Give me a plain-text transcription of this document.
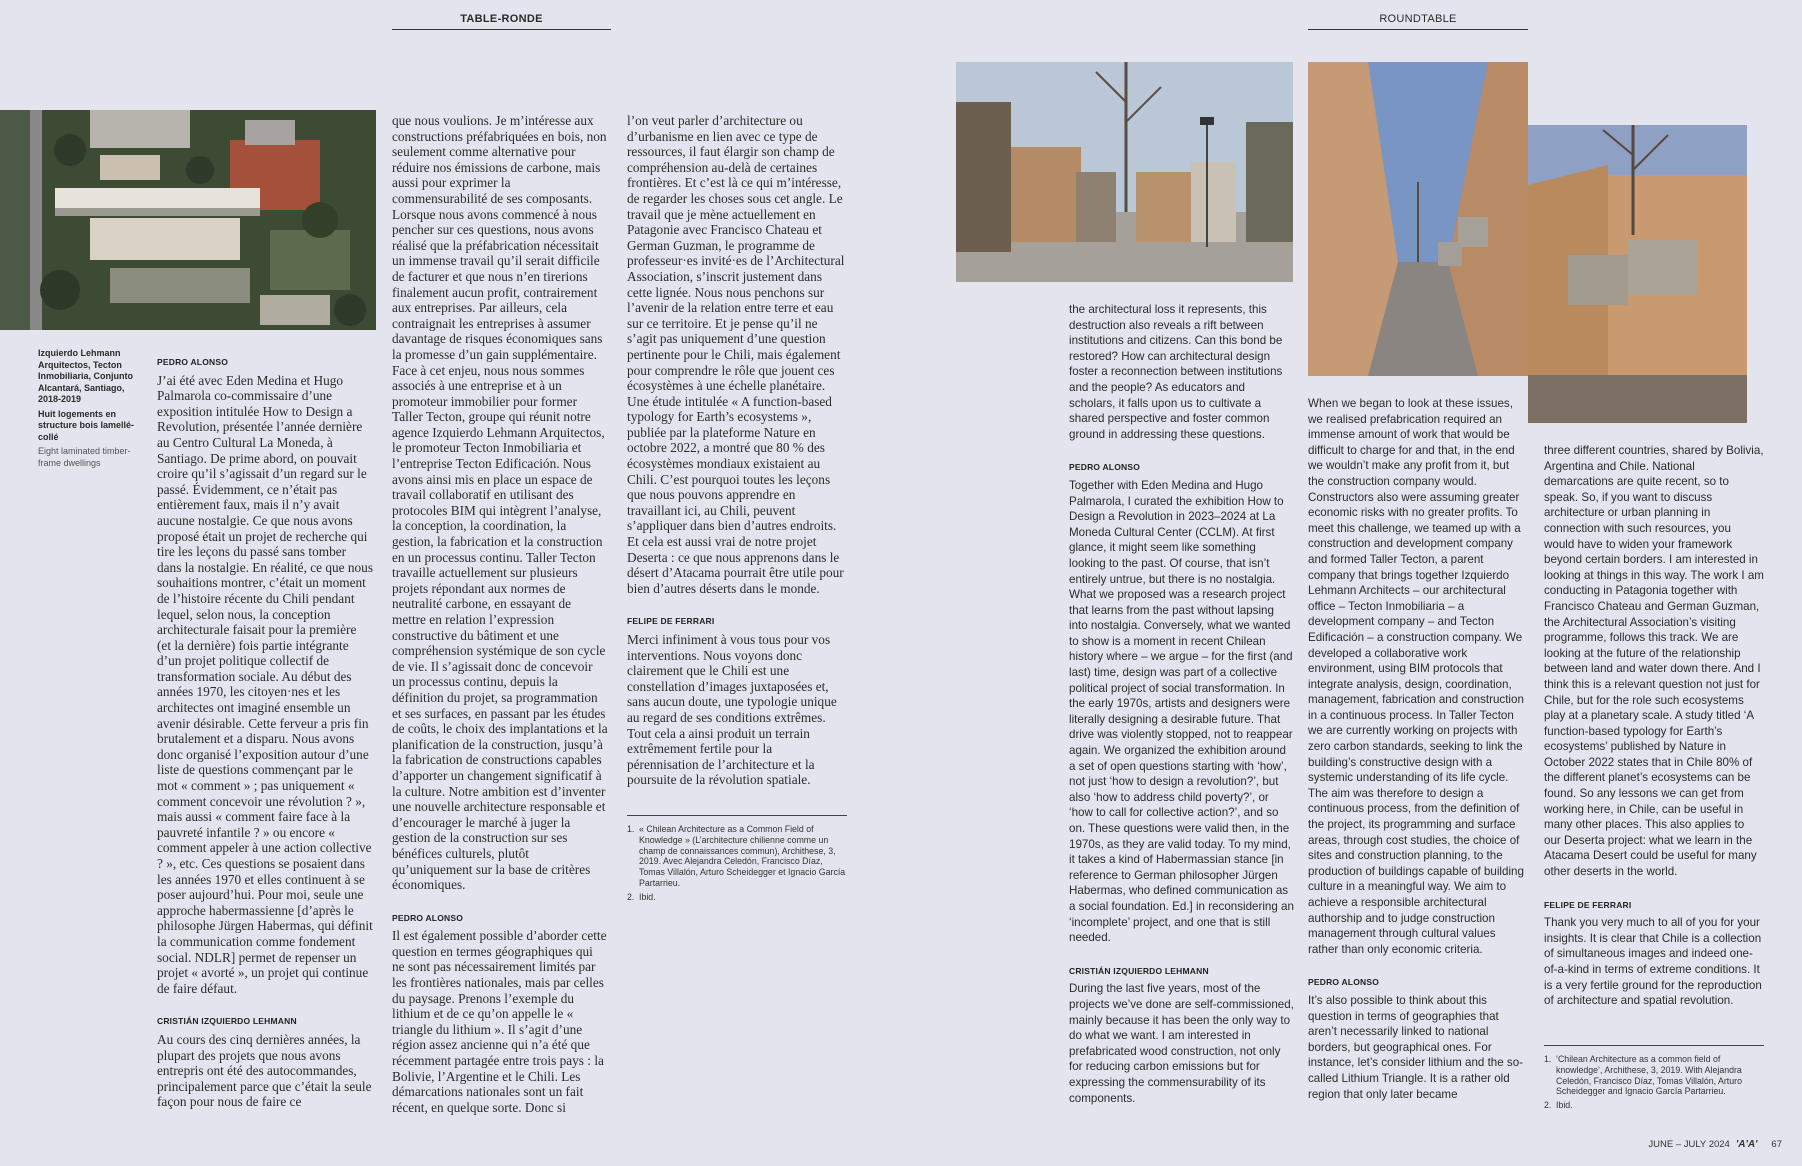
TABLE-RONDE	ROUNDTABLE
Izquierdo Lehmann Arquitectos, Tecton Inmobiliaria, Conjunto Alcantará, Santiago, 2018-2019
Huit logements en structure bois lamellé-collé
Eight laminated timber-frame dwellings
PEDRO ALONSO

J’ai été avec Eden Medina et Hugo Palmarola co-commissaire d’une exposition intitulée How to Design a Revolution, présentée l’année dernière au Centro Cultural La Moneda, à Santiago. De prime abord, on pouvait croire qu’il s’agissait d’un regard sur le passé. Évidemment, ce n’était pas entièrement faux, mais il n’y avait aucune nostalgie. Ce que nous avons proposé était un projet de recherche qui tire les leçons du passé sans tomber dans la nostalgie. En réalité, ce que nous souhaitions montrer, c’était un moment de l’histoire récente du Chili pendant lequel, selon nous, la conception architecturale faisait pour la première (et la dernière) fois partie intégrante d’un projet politique collectif de transformation sociale. Au début des années 1970, les citoyen·nes et les architectes ont imaginé ensemble un avenir désirable. Cette ferveur a pris fin brutalement et a disparu. Nous avons donc organisé l’exposition autour d’une liste de questions commençant par le mot « comment » ; pas uniquement « comment concevoir une révolution ? », mais aussi « comment faire face à la pauvreté infantile ? » ou encore « comment appeler à une action collective ? », etc. Ces questions se posaient dans les années 1970 et elles continuent à se poser aujourd’hui. Pour moi, seule une approche habermassienne [d’après le philosophe Jürgen Habermas, qui définit la communication comme fondement social. NDLR] permet de repenser un projet « avorté », un projet qui continue de faire défaut.

CRISTIÁN IZQUIERDO LEHMANN

Au cours des cinq dernières années, la plupart des projets que nous avons entrepris ont été des autocommandes, principalement parce que c’était la seule façon pour nous de faire ce

que nous voulions. Je m’intéresse aux constructions préfabriquées en bois, non seulement comme alternative pour réduire nos émissions de carbone, mais aussi pour exprimer la commensurabilité de ses composants. Lorsque nous avons commencé à nous pencher sur ces questions, nous avons réalisé que la préfabrication nécessitait un immense travail qu’il serait difficile de facturer et que nous n’en tirerions finalement aucun profit, contrairement aux entreprises. Par ailleurs, cela contraignait les entreprises à assumer davantage de risques économiques sans la promesse d’un gain supplémentaire. Face à cet enjeu, nous nous sommes associés à une entreprise et à un promoteur immobilier pour former Taller Tecton, groupe qui réunit notre agence Izquierdo Lehmann Arquitectos, le promoteur Tecton Inmobiliaria et l’entreprise Tecton Edificación. Nous avons ainsi mis en place un espace de travail collaboratif en utilisant des protocoles BIM qui intègrent l’analyse, la conception, la coordination, la gestion, la fabrication et la construction en un processus continu. Taller Tecton travaille actuellement sur plusieurs projets répondant aux normes de neutralité carbone, en essayant de mettre en relation l’expression constructive du bâtiment et une compréhension systémique de son cycle de vie. Il s’agissait donc de concevoir un processus continu, depuis la définition du projet, sa programmation et ses surfaces, en passant par les études de coûts, le choix des implantations et la planification de la construction, jusqu’à la fabrication de constructions capables d’apporter un changement significatif à la culture. Notre ambition est d’inventer une nouvelle architecture responsable et d’encourager le marché à juger la gestion de la construction sur ses bénéfices culturels, plutôt qu’uniquement sur la base de critères économiques.

PEDRO ALONSO

Il est également possible d’aborder cette question en termes géographiques qui ne sont pas nécessairement limités par les frontières nationales, mais par celles du paysage. Prenons l’exemple du lithium et de ce qu’on appelle le « triangle du lithium ». Il s’agit d’une région assez ancienne qui n’a été que récemment partagée entre trois pays : la Bolivie, l’Argentine et le Chili. Les démarcations nationales sont un fait récent, en quelque sorte. Donc si

l’on veut parler d’architecture ou d’urbanisme en lien avec ce type de ressources, il faut élargir son champ de compréhension au-delà de certaines frontières. Et c’est là ce qui m’intéresse, de regarder les choses sous cet angle. Le travail que je mène actuellement en Patagonie avec Francisco Chateau et German Guzman, le programme de professeur·es invité·es de l’Architectural Association, s’inscrit justement dans cette lignée. Nous nous penchons sur l’avenir de la relation entre terre et eau sur ce territoire. Et je pense qu’il ne s’agit pas uniquement d’une question pertinente pour le Chili, mais également pour comprendre le rôle que jouent ces écosystèmes à une échelle planétaire. Une étude intitulée « A function-based typology for Earth’s ecosystems », publiée par la plateforme Nature en octobre 2022, a montré que 80 % des écosystèmes mondiaux existaient au Chili. C’est pourquoi toutes les leçons que nous pouvons apprendre en travaillant ici, au Chili, peuvent s’appliquer dans bien d’autres endroits. Et cela est aussi vrai de notre projet Deserta : ce que nous apprenons dans le désert d’Atacama pourrait être utile pour bien d’autres déserts dans le monde.

FELIPE DE FERRARI

Merci infiniment à vous tous pour vos interventions. Nous voyons donc clairement que le Chili est une constellation d’images juxtaposées et, sans aucun doute, une typologie unique au regard de ses conditions extrêmes. Tout cela a ainsi produit un terrain extrêmement fertile pour la pérennisation de l’architecture et la poursuite de la révolution spatiale.

1. « Chilean Architecture as a Common Field of Knowledge » (L’architecture chilienne comme un champ de connaissances commun), Archithese, 3, 2019. Avec Alejandra Celedón, Francisco Díaz, Tomas Villalón, Arturo Scheidegger et Ignacio García Partarrieu.
2. Ibid.

the architectural loss it represents, this destruction also reveals a rift between institutions and citizens. Can this bond be restored? How can architectural design foster a reconnection between institutions and the people? As educators and scholars, it falls upon us to cultivate a shared perspective and foster common ground in addressing these questions.

PEDRO ALONSO

Together with Eden Medina and Hugo Palmarola, I curated the exhibition How to Design a Revolution in 2023–2024 at La Moneda Cultural Center (CCLM). At first glance, it might seem like something looking to the past. Of course, that isn’t entirely untrue, but there is no nostalgia. What we proposed was a research project that learns from the past without lapsing into nostalgia. Conversely, what we wanted to show is a moment in recent Chilean history where – we argue – for the first (and last) time, design was part of a collective political project of social transformation. In the early 1970s, artists and designers were literally designing a desirable future. That drive was violently stopped, not to reappear again. We organized the exhibition around a set of open questions starting with ‘how’, not just ‘how to design a revolution?’, but also ‘how to address child poverty?’, or ‘how to call for collective action?’, and so on. These questions were valid then, in the 1970s, as they are valid today. To my mind, it takes a kind of Habermassian stance [in reference to German philosopher Jürgen Habermas, who defined communication as a social foundation. Ed.] in reconsidering an ‘incomplete’ project, and one that is still needed.

CRISTIÁN IZQUIERDO LEHMANN

During the last five years, most of the projects we’ve done are self-commissioned, mainly because it has been the only way to do what we want. I am interested in prefabricated wood construction, not only for reducing carbon emissions but for expressing the commensurability of its components.

When we began to look at these issues, we realised prefabrication required an immense amount of work that would be difficult to charge for and that, in the end we wouldn’t make any profit from it, but the construction company would. Constructors also were assuming greater economic risks with no greater profits. To meet this challenge, we teamed up with a construction and development company and formed Taller Tecton, a parent company that brings together Izquierdo Lehmann Architects – our architectural office – Tecton Inmobiliaria – a development company – and Tecton Edificación – a construction company. We developed a collaborative work environment, using BIM protocols that integrate analysis, design, coordination, management, fabrication and construction in a continuous process. In Taller Tecton we are currently working on projects with zero carbon standards, seeking to link the building’s constructive design with a systemic understanding of its life cycle. The aim was therefore to design a continuous process, from the definition of the project, its programming and surface areas, through cost studies, the choice of sites and construction planning, to the production of buildings capable of building culture in a meaningful way. We aim to achieve a responsible architectural authorship and to judge construction management through cultural values rather than only economic criteria.

PEDRO ALONSO

It’s also possible to think about this question in terms of geographies that aren’t necessarily linked to national borders, but geographical ones. For instance, let’s consider lithium and the so-called Lithium Triangle. It is a rather old region that only later became

three different countries, shared by Bolivia, Argentina and Chile. National demarcations are quite recent, so to speak. So, if you want to discuss architecture or urban planning in connection with such resources, you would have to widen your framework beyond certain borders. I am interested in looking at things in this way. The work I am conducting in Patagonia together with Francisco Chateau and German Guzman, the Architectural Association’s visiting programme, follows this track. We are looking at the future of the relationship between land and water down there. And I think this is a relevant question not just for Chile, but for the role such ecosystems play at a planetary scale. A study titled ‘A function-based typology for Earth’s ecosystems’ published by Nature in October 2022 states that in Chile 80% of the different planet’s ecosystems can be found. So any lessons we can get from working here, in Chile, can be useful in many other places. This also applies to our Deserta project: what we learn in the Atacama Desert could be useful for many other deserts in the world.

FELIPE DE FERRARI

Thank you very much to all of you for your insights. It is clear that Chile is a collection of simultaneous images and indeed one-of-a-kind in terms of extreme conditions. It is a very fertile ground for the reproduction of architecture and spatial revolution.

1. ‘Chilean Architecture as a common field of knowledge’, Archithese, 3, 2019. With Alejandra Celedón, Francisco Díaz, Tomas Villalón, Arturo Scheidegger and Ignacio García Partarrieu.
2. Ibid.
JUNE – JULY 2024 'A'A' 67
